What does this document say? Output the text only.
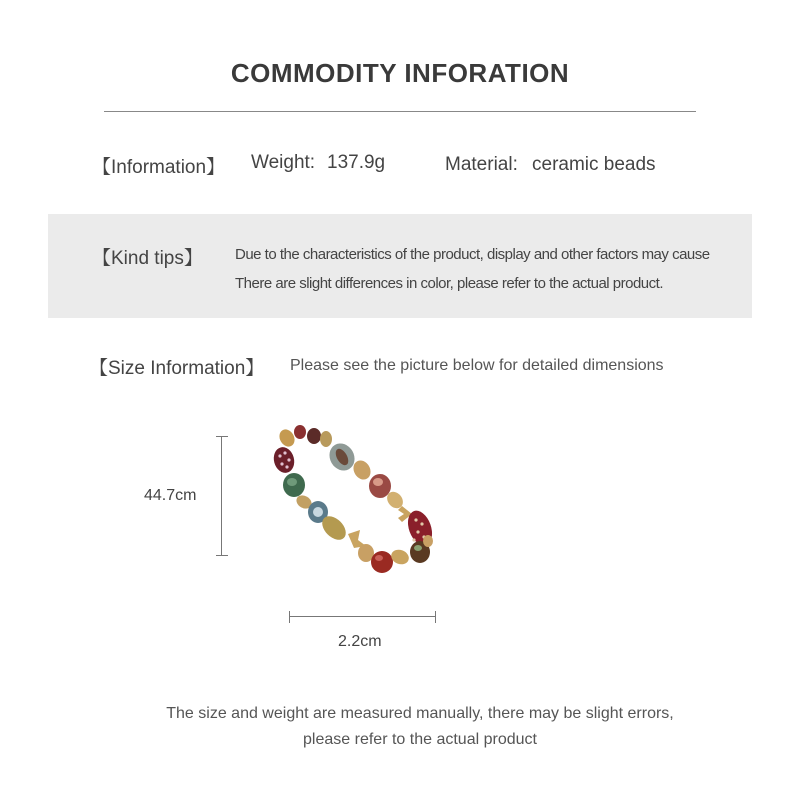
COMMODITY INFORATION
【Information】 Weight: 137.9g	Material: ceramic beads
【Kind tips】 Due to the characteristics of the product, display and other factors may cause
There are slight differences in color, please refer to the actual product.
【Size Information】 Please see the picture below for detailed dimensions
44.7cm
2.2cm
The size and weight are measured manually, there may be slight errors,
please refer to the actual product
